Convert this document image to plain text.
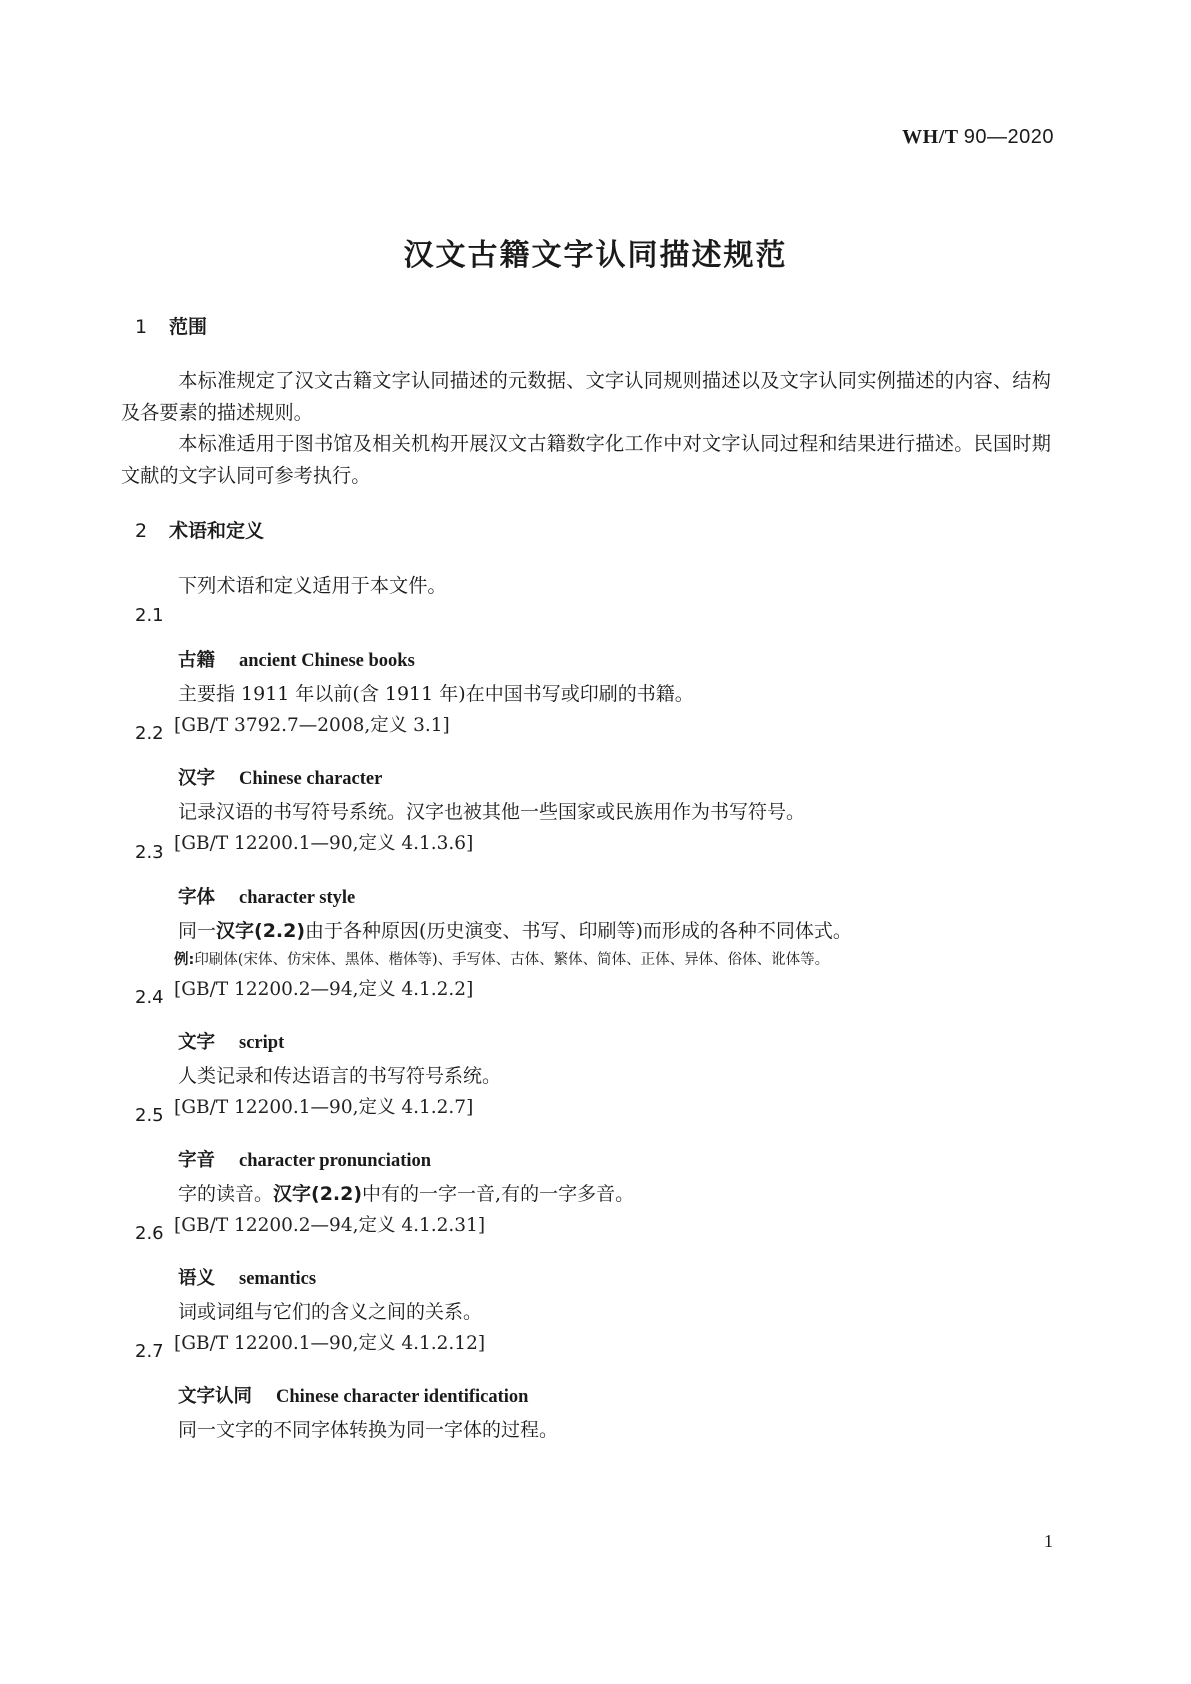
WH/T 90—2020
汉文古籍文字认同描述规范
1 范围
本标准规定了汉文古籍文字认同描述的元数据、文字认同规则描述以及文字认同实例描述的内容、结构及各要素的描述规则。
本标准适用于图书馆及相关机构开展汉文古籍数字化工作中对文字认同过程和结果进行描述。民国时期文献的文字认同可参考执行。
2 术语和定义
下列术语和定义适用于本文件。
2.1
古籍 ancient Chinese books
主要指 1911 年以前(含 1911 年)在中国书写或印刷的书籍。
[GB/T 3792.7—2008,定义 3.1]
2.2
汉字 Chinese character
记录汉语的书写符号系统。汉字也被其他一些国家或民族用作为书写符号。
[GB/T 12200.1—90,定义 4.1.3.6]
2.3
字体 character style
同一汉字(2.2)由于各种原因(历史演变、书写、印刷等)而形成的各种不同体式。
例:印刷体(宋体、仿宋体、黑体、楷体等)、手写体、古体、繁体、简体、正体、异体、俗体、讹体等。
[GB/T 12200.2—94,定义 4.1.2.2]
2.4
文字 script
人类记录和传达语言的书写符号系统。
[GB/T 12200.1—90,定义 4.1.2.7]
2.5
字音 character pronunciation
字的读音。汉字(2.2)中有的一字一音,有的一字多音。
[GB/T 12200.2—94,定义 4.1.2.31]
2.6
语义 semantics
词或词组与它们的含义之间的关系。
[GB/T 12200.1—90,定义 4.1.2.12]
2.7
文字认同 Chinese character identification
同一文字的不同字体转换为同一字体的过程。
1
